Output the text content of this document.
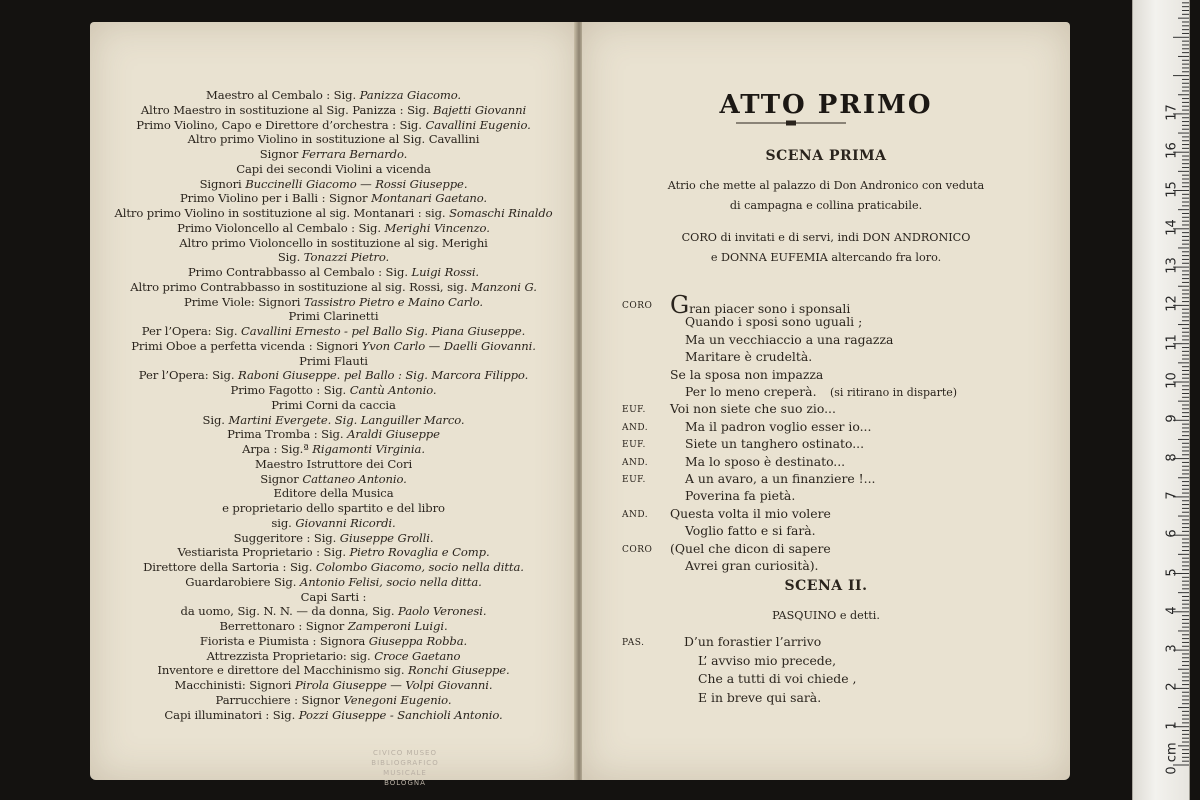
Maestro al Cembalo : Sig. Panizza Giacomo.
Altro Maestro in sostituzione al Sig. Panizza : Sig. Bajetti Giovanni
Primo Violino, Capo e Direttore d’orchestra : Sig. Cavallini Eugenio.
Altro primo Violino in sostituzione al Sig. Cavallini
Signor Ferrara Bernardo.
Capi dei secondi Violini a vicenda
Signori Buccinelli Giacomo — Rossi Giuseppe.
Primo Violino per i Balli : Signor Montanari Gaetano.
Altro primo Violino in sostituzione al sig. Montanari : sig. Somaschi Rinaldo
Primo Violoncello al Cembalo : Sig. Merighi Vincenzo.
Altro primo Violoncello in sostituzione al sig. Merighi
Sig. Tonazzi Pietro.
Primo Contrabbasso al Cembalo : Sig. Luigi Rossi.
Altro primo Contrabbasso in sostituzione al sig. Rossi, sig. Manzoni G.
Prime Viole: Signori Tassistro Pietro e Maino Carlo.
Primi Clarinetti
Per l’Opera: Sig. Cavallini Ernesto - pel Ballo Sig. Piana Giuseppe.
Primi Oboe a perfetta vicenda : Signori Yvon Carlo — Daelli Giovanni.
Primi Flauti
Per l’Opera: Sig. Raboni Giuseppe. pel Ballo : Sig. Marcora Filippo.
Primo Fagotto : Sig. Cantù Antonio.
Primi Corni da caccia
Sig. Martini Evergete. Sig. Languiller Marco.
Prima Tromba : Sig. Araldi Giuseppe
Arpa : Sig.ª Rigamonti Virginia.
Maestro Istruttore dei Cori
Signor Cattaneo Antonio.
Editore della Musica
e proprietario dello spartito e del libro
sig. Giovanni Ricordi.
Suggeritore : Sig. Giuseppe Grolli.
Vestiarista Proprietario : Sig. Pietro Rovaglia e Comp.
Direttore della Sartoria : Sig. Colombo Giacomo, socio nella ditta.
Guardarobiere Sig. Antonio Felisi, socio nella ditta.
Capi Sarti :
da uomo, Sig. N. N. — da donna, Sig. Paolo Veronesi.
Berrettonaro : Signor Zamperoni Luigi.
Fiorista e Piumista : Signora Giuseppa Robba.
Attrezzista Proprietario: sig. Croce Gaetano
Inventore e direttore del Macchinismo sig. Ronchi Giuseppe.
Macchinisti: Signori Pirola Giuseppe — Volpi Giovanni.
Parrucchiere : Signor Venegoni Eugenio.
Capi illuminatori : Sig. Pozzi Giuseppe - Sanchioli Antonio.
CIVICO MUSEO
BIBLIOGRAFICO MUSICALE
BOLOGNA
ATTO PRIMO
SCENA PRIMA
Atrio che mette al palazzo di Don Andronico con veduta
di campagna e collina praticabile.
CORO di invitati e di servi, indi DON ANDRONICO
e DONNA EUFEMIA altercando fra loro.
CORO Gran piacer sono i sponsali
Quando i sposi sono uguali ;
Ma un vecchiaccio a una ragazza
Maritare è crudeltà.
Se la sposa non impazza
Per lo meno creperà. (si ritirano in disparte)
EUF. Voi non siete che suo zio...
AND.	Ma il padron voglio esser io...
EUF.	Siete un tanghero ostinato...
AND.	Ma lo sposo è destinato...
EUF.	A un avaro, a un finanziere !...
Poverina fa pietà.
AND. Questa volta il mio volere
Voglio fatto e si farà.
CORO (Quel che dicon di sapere
Avrei gran curiosità).
SCENA II.
PASQUINO e detti.
PAS.	D’un forastier l’arrivo
L’ avviso mio precede,
Che a tutti di voi chiede ,
E in breve qui sarà.
17
16
15
14
13
12
11
10
9
8
7
6
5
4
3
2
1
0 cm
